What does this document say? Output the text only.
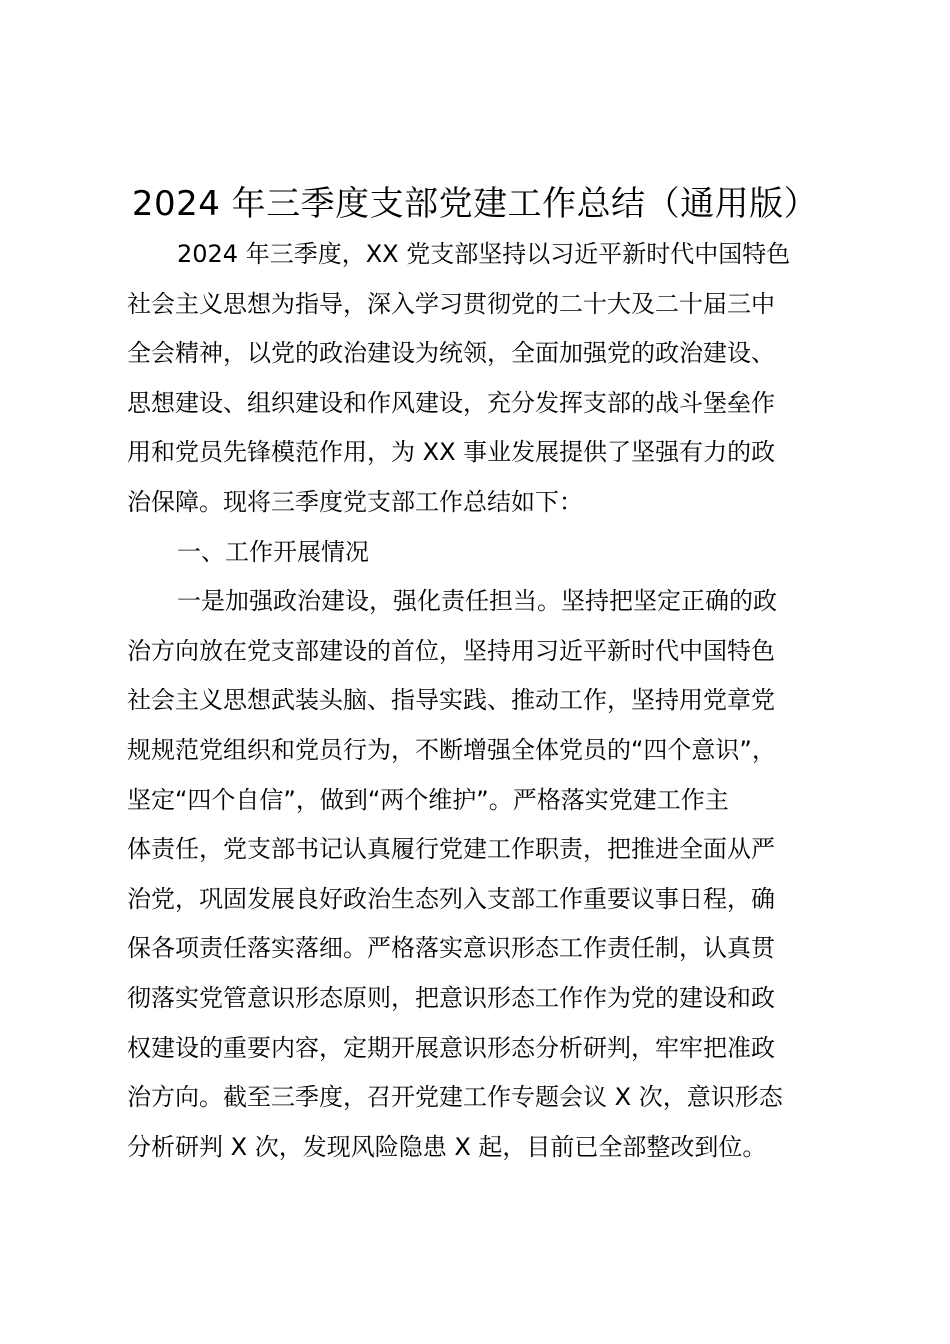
2024 年三季度支部党建工作总结（通用版）
2024 年三季度，XX 党支部坚持以习近平新时代中国特色
社会主义思想为指导，深入学习贯彻党的二十大及二十届三中
全会精神，以党的政治建设为统领，全面加强党的政治建设、
思想建设、组织建设和作风建设，充分发挥支部的战斗堡垒作
用和党员先锋模范作用，为 XX 事业发展提供了坚强有力的政
治保障。现将三季度党支部工作总结如下：
一、工作开展情况
一是加强政治建设，强化责任担当。坚持把坚定正确的政
治方向放在党支部建设的首位，坚持用习近平新时代中国特色
社会主义思想武装头脑、指导实践、推动工作，坚持用党章党
规规范党组织和党员行为，不断增强全体党员的“四个意识”，
坚定“四个自信”，做到“两个维护”。严格落实党建工作主
体责任，党支部书记认真履行党建工作职责，把推进全面从严
治党，巩固发展良好政治生态列入支部工作重要议事日程，确
保各项责任落实落细。严格落实意识形态工作责任制，认真贯
彻落实党管意识形态原则，把意识形态工作作为党的建设和政
权建设的重要内容，定期开展意识形态分析研判，牢牢把准政
治方向。截至三季度，召开党建工作专题会议 X 次，意识形态
分析研判 X 次，发现风险隐患 X 起，目前已全部整改到位。
